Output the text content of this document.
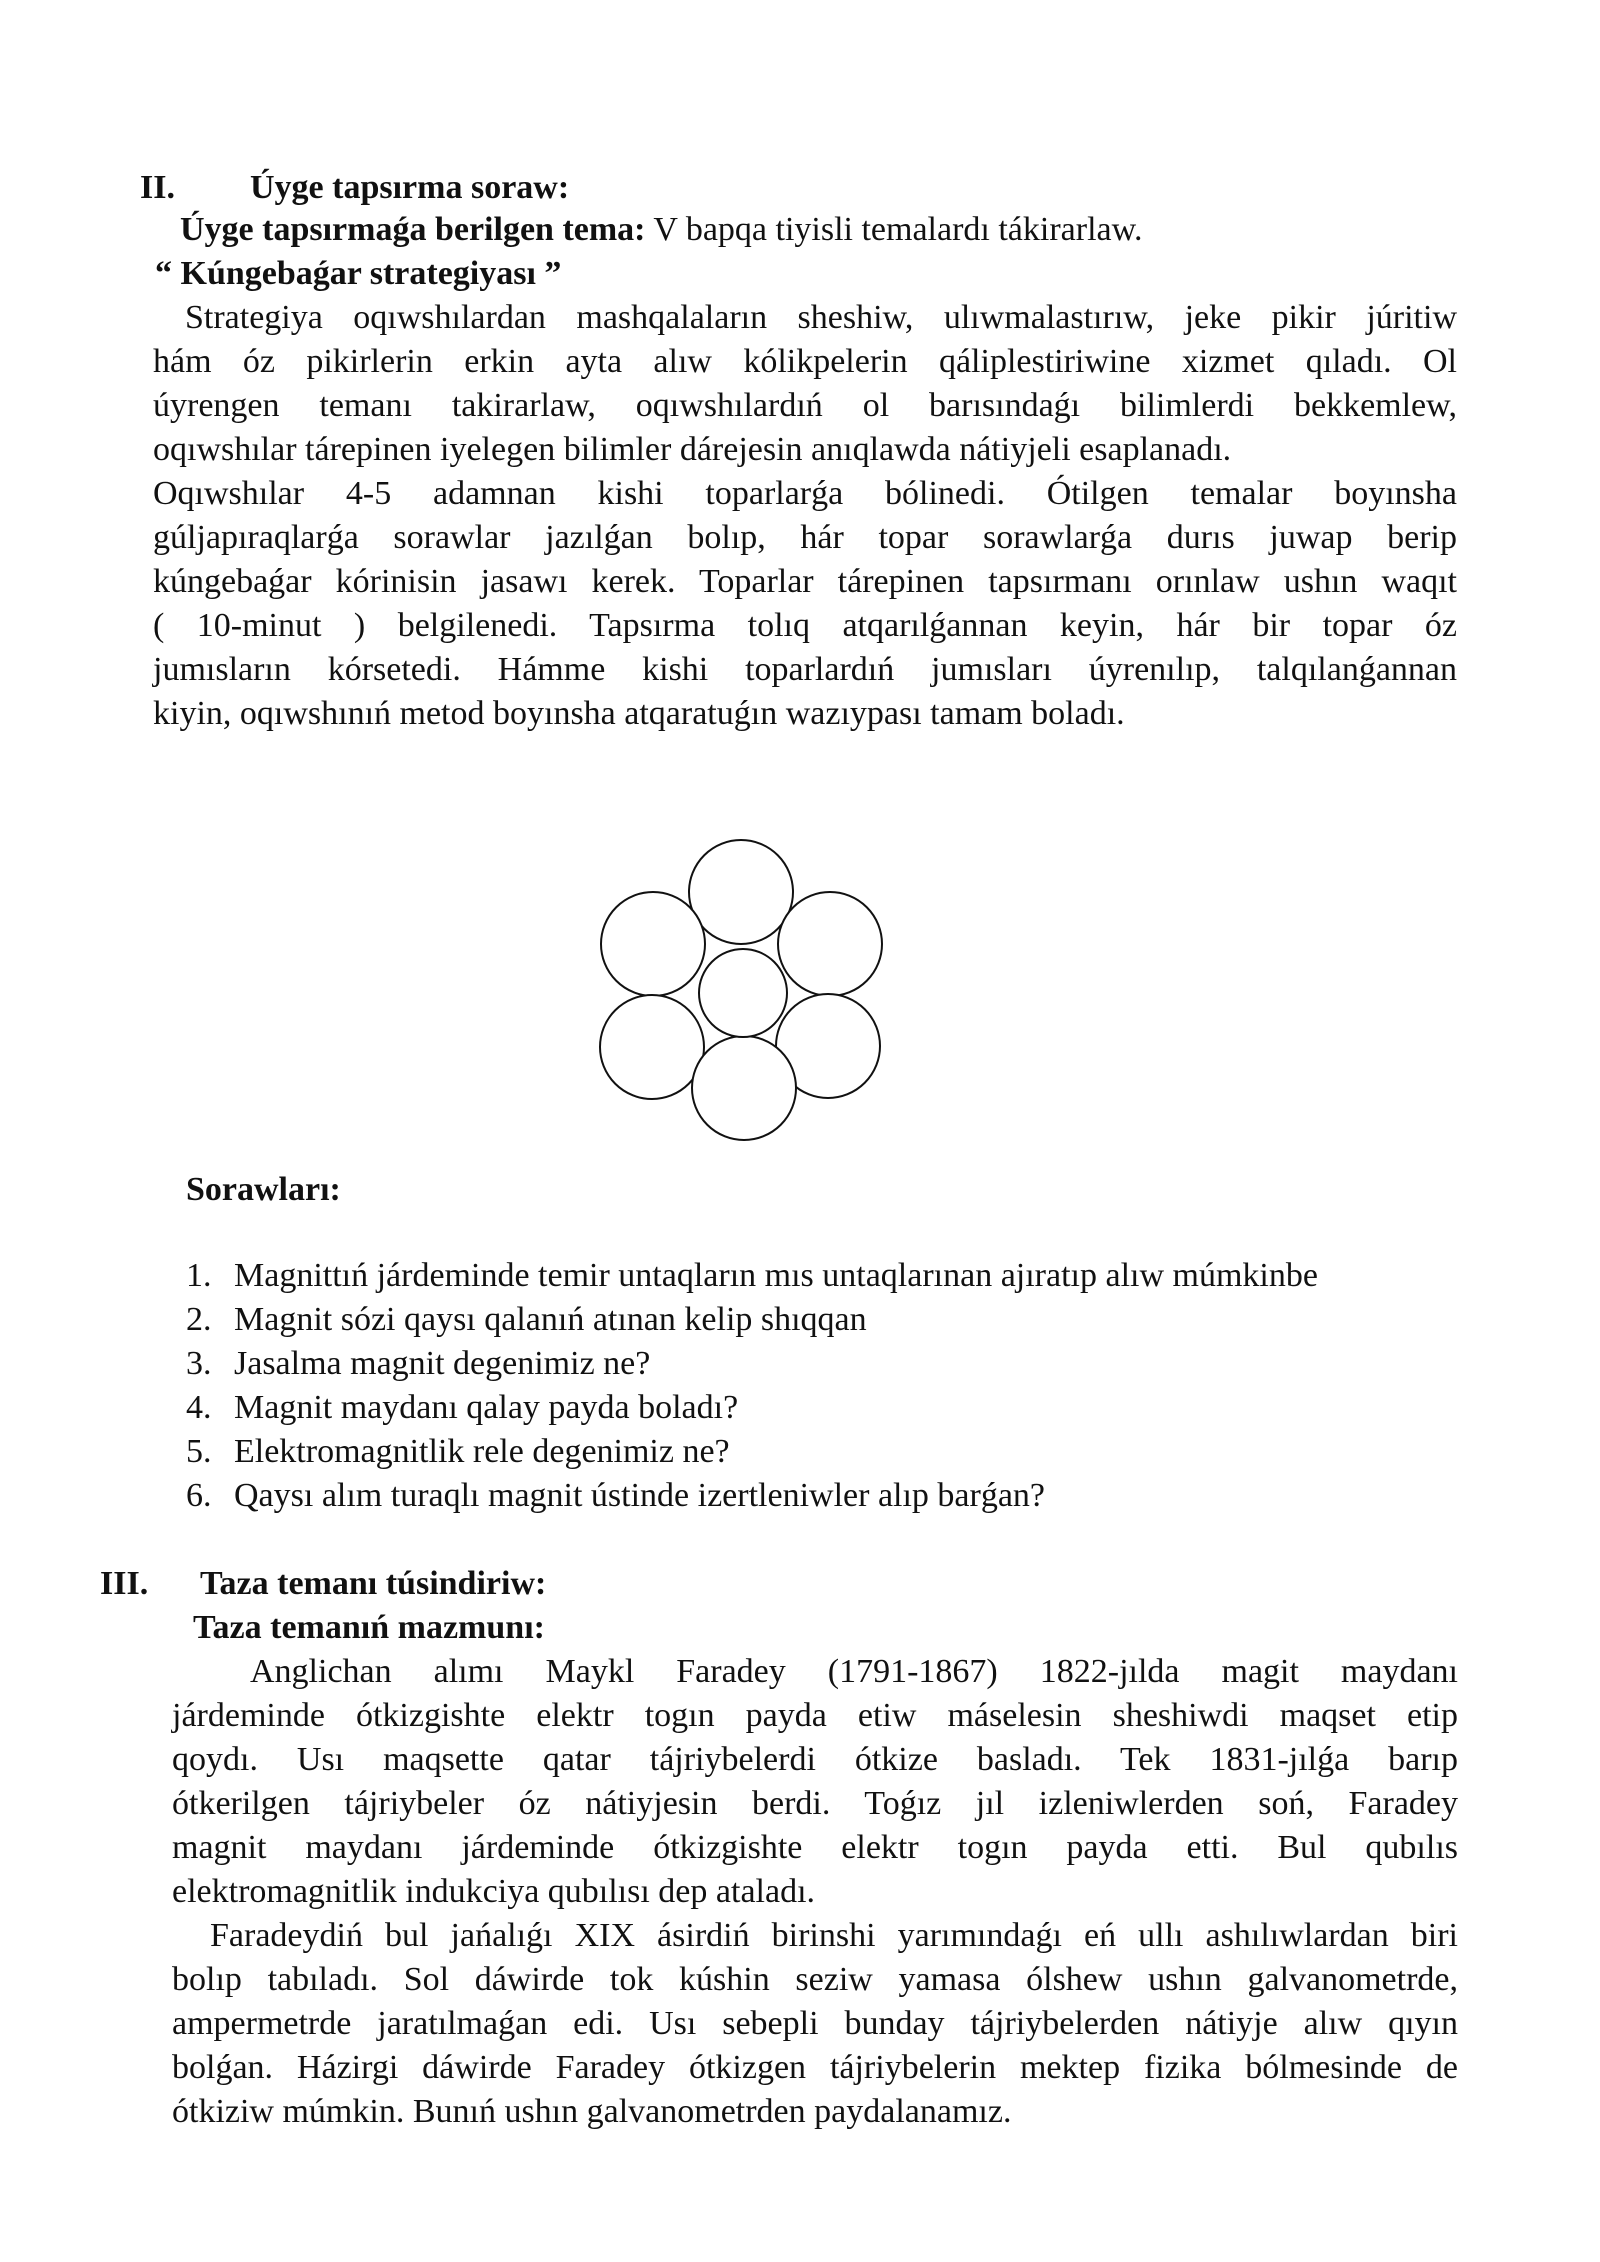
II. Úyge tapsırma soraw:
Úyge tapsırmaǵa berilgen tema: V bapqa tiyisli temalardı tákirarlaw.
“ Kúngebaǵar strategiyası ”
Strategiya oqıwshılardan mashqalaların sheshiw, ulıwmalastırıw, jeke pikir júritiw
hám óz pikirlerin erkin ayta alıw kólikpelerin qáliplestiriwine xizmet qıladı. Ol
úyrengen temanı takirarlaw, oqıwshılardıń ol barısındaǵı bilimlerdi bekkemlew,
oqıwshılar tárepinen iyelegen bilimler dárejesin anıqlawda nátiyjeli esaplanadı.
Oqıwshılar 4-5 adamnan kishi toparlarǵa bólinedi. Ótilgen temalar boyınsha
gúljapıraqlarǵa sorawlar jazılǵan bolıp, hár topar sorawlarǵa durıs juwap berip
kúngebaǵar kórinisin jasawı kerek. Toparlar tárepinen tapsırmanı orınlaw ushın waqıt
( 10-minut ) belgilenedi. Tapsırma tolıq atqarılǵannan keyin, hár bir topar óz
jumısların kórsetedi. Hámme kishi toparlardıń jumısları úyrenılıp, talqılanǵannan
kiyin, oqıwshınıń metod boyınsha atqaratuǵın wazıypası tamam boladı.
Sorawları:
1. Magnittıń járdeminde temir untaqların mıs untaqlarınan ajıratıp alıw múmkinbe
2. Magnit sózi qaysı qalanıń atınan kelip shıqqan
3. Jasalma magnit degenimiz ne?
4. Magnit maydanı qalay payda boladı?
5. Elektromagnitlik rele degenimiz ne?
6. Qaysı alım turaqlı magnit ústinde izertleniwler alıp barǵan?
III. Taza temanı túsindiriw:
Taza temanıń mazmunı:
Anglichan alımı Maykl Faradey (1791-1867) 1822-jılda magit maydanı
járdeminde ótkizgishte elektr togın payda etiw máselesin sheshiwdi maqset etip
qoydı. Usı maqsette qatar tájriybelerdi ótkize basladı. Tek 1831-jılǵa barıp
ótkerilgen tájriybeler óz nátiyjesin berdi. Toǵız jıl izleniwlerden soń, Faradey
magnit maydanı járdeminde ótkizgishte elektr togın payda etti. Bul qubılıs
elektromagnitlik indukciya qubılısı dep ataladı.
Faradeydiń bul jańalıǵı XIX ásirdiń birinshi yarımındaǵı eń ullı ashılıwlardan biri
bolıp tabıladı. Sol dáwirde tok kúshin seziw yamasa ólshew ushın galvanometrde,
ampermetrde jaratılmaǵan edi. Usı sebepli bunday tájriybelerden nátiyje alıw qıyın
bolǵan. Házirgi dáwirde Faradey ótkizgen tájriybelerin mektep fizika bólmesinde de
ótkiziw múmkin. Bunıń ushın galvanometrden paydalanamız.
